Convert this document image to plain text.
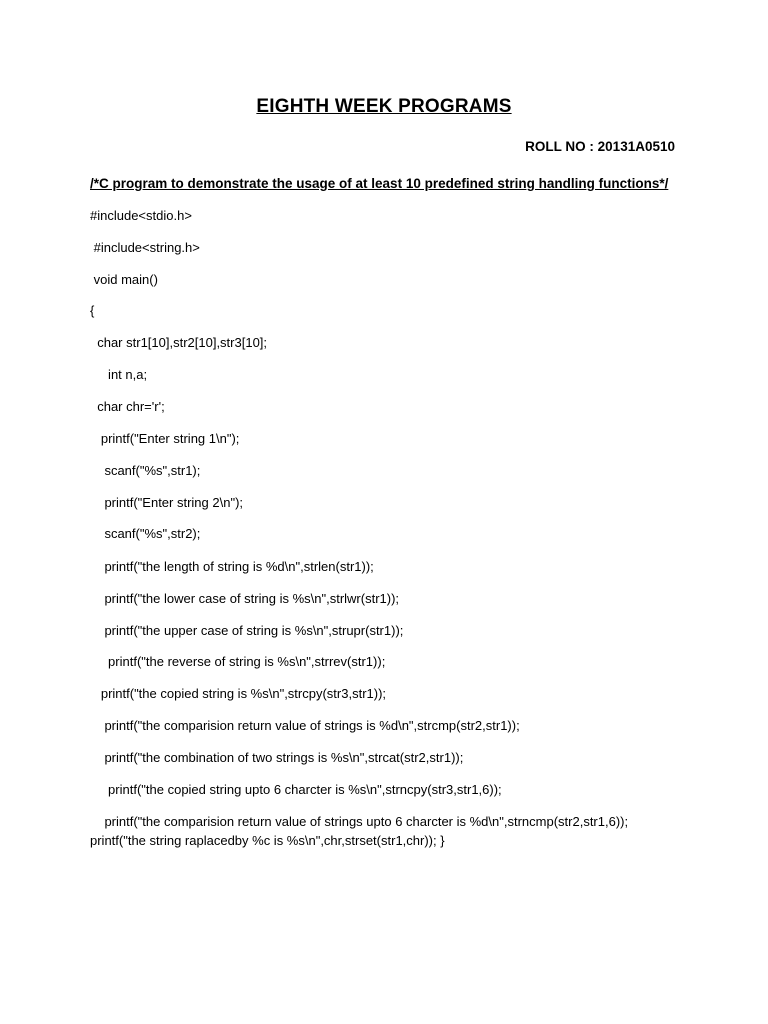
EIGHTH WEEK PROGRAMS
ROLL NO : 20131A0510
/*C program to demonstrate the usage of at least 10 predefined string handling functions*/
#include<stdio.h>
#include<string.h>
void main()
{
char str1[10],str2[10],str3[10];
int n,a;
char chr='r';
printf("Enter string 1\n");
scanf("%s",str1);
printf("Enter string 2\n");
scanf("%s",str2);
printf("the length of string is %d\n",strlen(str1));
printf("the lower case of string is %s\n",strlwr(str1));
printf("the upper case of string is %s\n",strupr(str1));
printf("the reverse of string is %s\n",strrev(str1));
printf("the copied string is %s\n",strcpy(str3,str1));
printf("the comparision return value of strings is %d\n",strcmp(str2,str1));
printf("the combination of two strings is %s\n",strcat(str2,str1));
printf("the copied string upto 6 charcter is %s\n",strncpy(str3,str1,6));
printf("the comparision return value of strings upto 6 charcter is %d\n",strncmp(str2,str1,6));
printf("the string raplacedby %c is %s\n",chr,strset(str1,chr)); }
